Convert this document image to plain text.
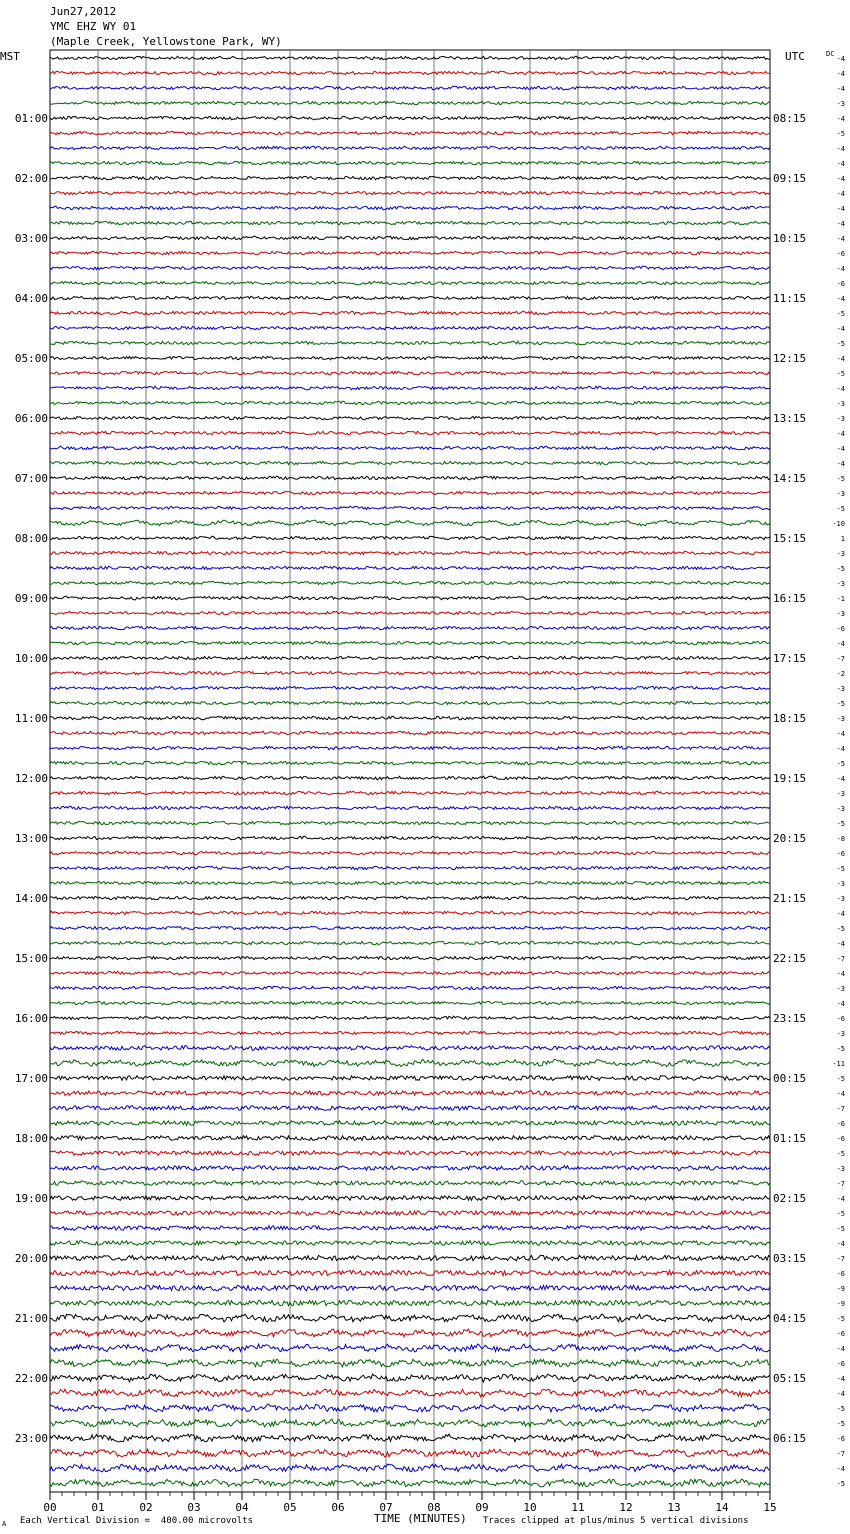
Jun27,2012
YMC EHZ WY 01
(Maple Creek, Yellowstone Park, WY)
MST	UTC	DC
00	01	02	03	04	05	06	07	08	09	10	11	12	13	14	15
-4
-4
-4
-3
-4
-5
-4
-4
-4
-4
-4
-4
-4
-6
-4
-6
-4
-5
-4
-5
-4
-5
-4
-3
-3
-4
-4
-4
-5
-3
-5
-10
1
-3
-5
-3
-1
-3
-6
-4
-7
-2
-3
-5
-3
-4
-4
-5
-4
-3
-3
-5
-8
-6
-5
-3
-3
-4
-5
-4
-7
-4
-3
-4
-6
-3
-5
-11
-5
-4
-7
-6
-6
-5
-3
-7
-4
-5
-5
-4
-7
-6
-9
-9
-5
-6
-4
-6
-4
-4
-5
-5
-6
-7
-4
-5
01:00
02:00
03:00
04:00
05:00
06:00
07:00
08:00
09:00
10:00
11:00
12:00
13:00
14:00
15:00
16:00
17:00
18:00
19:00
20:00
21:00
22:00
23:00
08:15
09:15
10:15
11:15
12:15
13:15
14:15
15:15
16:15
17:15
18:15
19:15
20:15
21:15
22:15
23:15
00:15
01:15
02:15
03:15
04:15
05:15
06:15
Each Vertical Division =  400.00 microvolts	TIME (MINUTES) Traces clipped at plus/minus 5 vertical divisions
A
